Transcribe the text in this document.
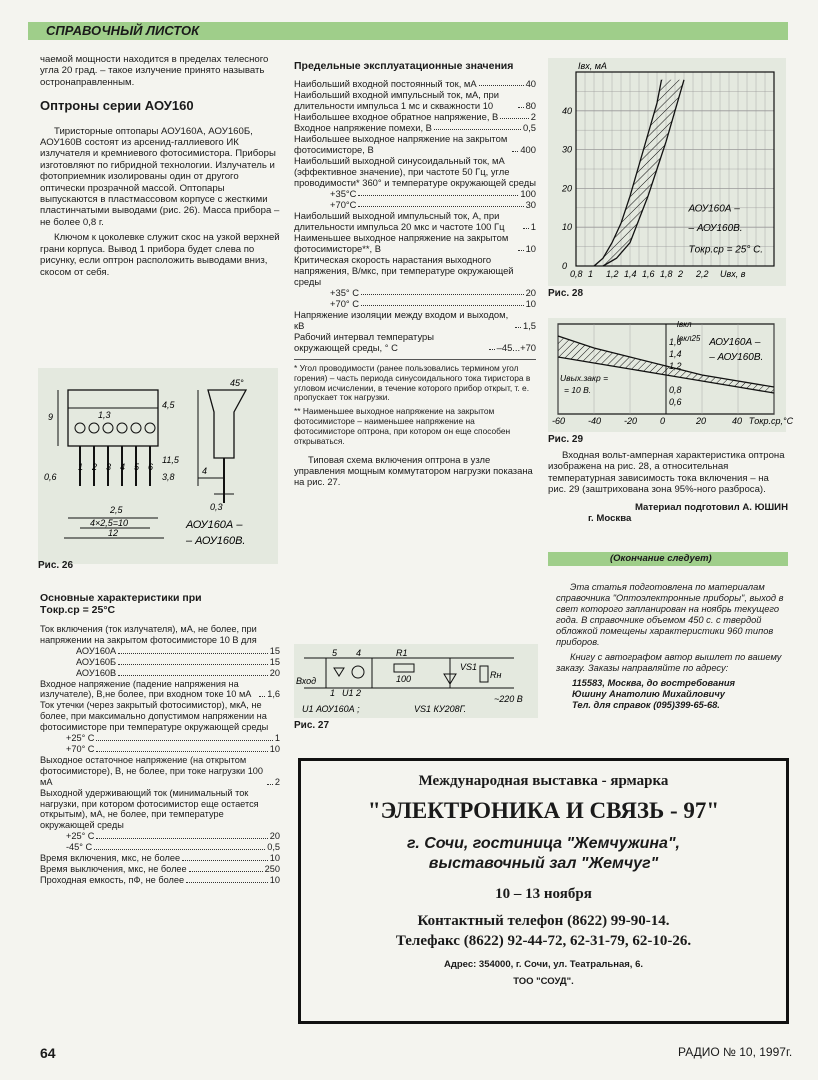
СПРАВОЧНЫЙ ЛИСТОК

чаемой мощности находится в пределах телесного угла 20 град. – такое излучение принято называть остронаправленным.

Оптроны серии АОУ160

Тиристорные оптопары АОУ160А, АОУ160Б, АОУ160В состоят из арсенид-галлиевого ИК излучателя и кремниевого фотосимистора. Приборы изготовляют по гибридной технологии. Излучатель и фотоприемник изолированы один от другого оптически прозрачной массой. Оптопары выпускаются в пластмассовом корпусе с жесткими пластинчатыми выводами (рис. 26). Масса прибора – не более 0,8 г.

Ключом к цоколевке служит скос на узкой верхней грани корпуса. Вывод 1 прибора будет слева по рисунку, если оптрон расположить выводами вниз, скосом от себя.

9
11,5
1,3
4,5
45°
0,6
1 2 3 4 5 6
3,8
4
2,5	0,3
4×2,5=10
12
АОУ160А –
– АОУ160В.
Рис. 26
Основные характеристики при
Tокр.ср = 25°C
Ток включения (ток излучателя), мА, не более, при напряжении на закрытом фотосимисторе 10 В для
АОУ160А	15
АОУ160Б	15
АОУ160В	20
Входное напряжение (падение напряжения на излучателе), В,не более, при входном токе 10 мА	1,6
Ток утечки (через закрытый фотосимистор), мкА, не более, при максимально допустимом напряжении на фотосимисторе при температуре окружающей среды
+25° С	1
+70° С	10
Выходное остаточное напряжение (на открытом фотосимисторе), В, не более, при токе нагрузки 100 мА	2
Выходной удерживающий ток (минимальный ток нагрузки, при котором фотосимистор еще остается открытым), мА, не более, при температуре окружающей среды
+25° С	20
-45° С	0,5
Время включения, мкс, не более	10
Время выключения, мкс, не более	250
Проходная емкость, пФ, не более	10
Предельные эксплуатационные значения
Наибольший входной постоянный ток, мА	40
Наибольший входной импульсный ток, мА, при длительности импульса 1 мс и скважности 10	80
Наибольшее входное обратное напряжение, В	2
Входное напряжение помехи, В	0,5
Наибольшее выходное напряжение на закрытом фотосимисторе, В	400
Наибольший выходной синусоидальный ток, мА (эффективное значение), при частоте 50 Гц, угле проводимости* 360° и температуре окружающей среды
+35°С	100
+70°С	30
Наибольший выходной импульсный ток, А, при длительности импульса 20 мкс и частоте 100 Гц	1
Наименьшее выходное напряжение на закрытом фотосимисторе**, В	10
Критическая скорость нарастания выходного напряжения, В/мкс, при температуре окружающей среды
+35° С	20
+70° С	10
Напряжение изоляции между входом и выходом, кВ	1,5
Рабочий интервал температуры окружающей среды, ° С	–45...+70

* Угол проводимости (ранее пользовались термином угол горения) – часть периода синусоидального тока тиристора в угловом исчислении, в течение которого прибор открыт, т. е. пропускает ток нагрузки.

** Наименьшее выходное напряжение на закрытом фотосимисторе – наименьшее напряжение на фотосимисторе оптрона, при котором он еще способен открываться.

Типовая схема включения оптрона в узле управления мощным коммутатором нагрузки показана на рис. 27.

Вход
5 4
U1
1 2
R1
100
VS1
Rн
~220 В
U1 АОУ160А ;	VS1 КУ208Г.
Рис. 27
0,8 1 1,2 1,4 1,6 1,8 2 2,2
0
10
20
30
40
Iвх, мА
Uвх, в
АОУ160А –
– АОУ160В.
Tокр.ср = 25° С.
Рис. 28
1,6
1,4
1,2
0,8
0,6
-60	-40	-20	0	20	40 Tокр.ср,°С
Iвкл
Iвкл25 АОУ160А –
– АОУ160В.
Uвых.закр =
= 10 В.
Рис. 29

Входная вольт-амперная характеристика оптрона изображена на рис. 28, а относительная температурная зависимость тока включения – на рис. 29 (заштрихована зона 95%-ного разброса).

Материал подготовил А. ЮШИН

г. Москва

(Окончание следует)

Эта статья подготовлена по материалам справочника "Оптоэлектронные приборы", выход в свет которого запланирован на ноябрь текущего года. В справочнике объемом 450 с. с твердой обложкой помещены характеристики 960 типов приборов.

Книгу с автографом автор вышлет по вашему заказу. Заказы направляйте по адресу:

115583, Москва, до востребования

Юшину Анатолию Михайловичу

Тел. для справок (095)399-65-68.

Международная выставка - ярмарка
"ЭЛЕКТРОНИКА И СВЯЗЬ - 97"
г. Сочи, гостиница "Жемчужина",
выставочный зал "Жемчуг"
10 – 13 ноября
Контактный телефон (8622) 99-90-14.
Телефакс (8622) 92-44-72, 62-31-79, 62-10-26.
Адрес: 354000, г. Сочи, ул. Театральная, 6.
ТОО "СОУД".
64	РАДИО № 10, 1997г.
